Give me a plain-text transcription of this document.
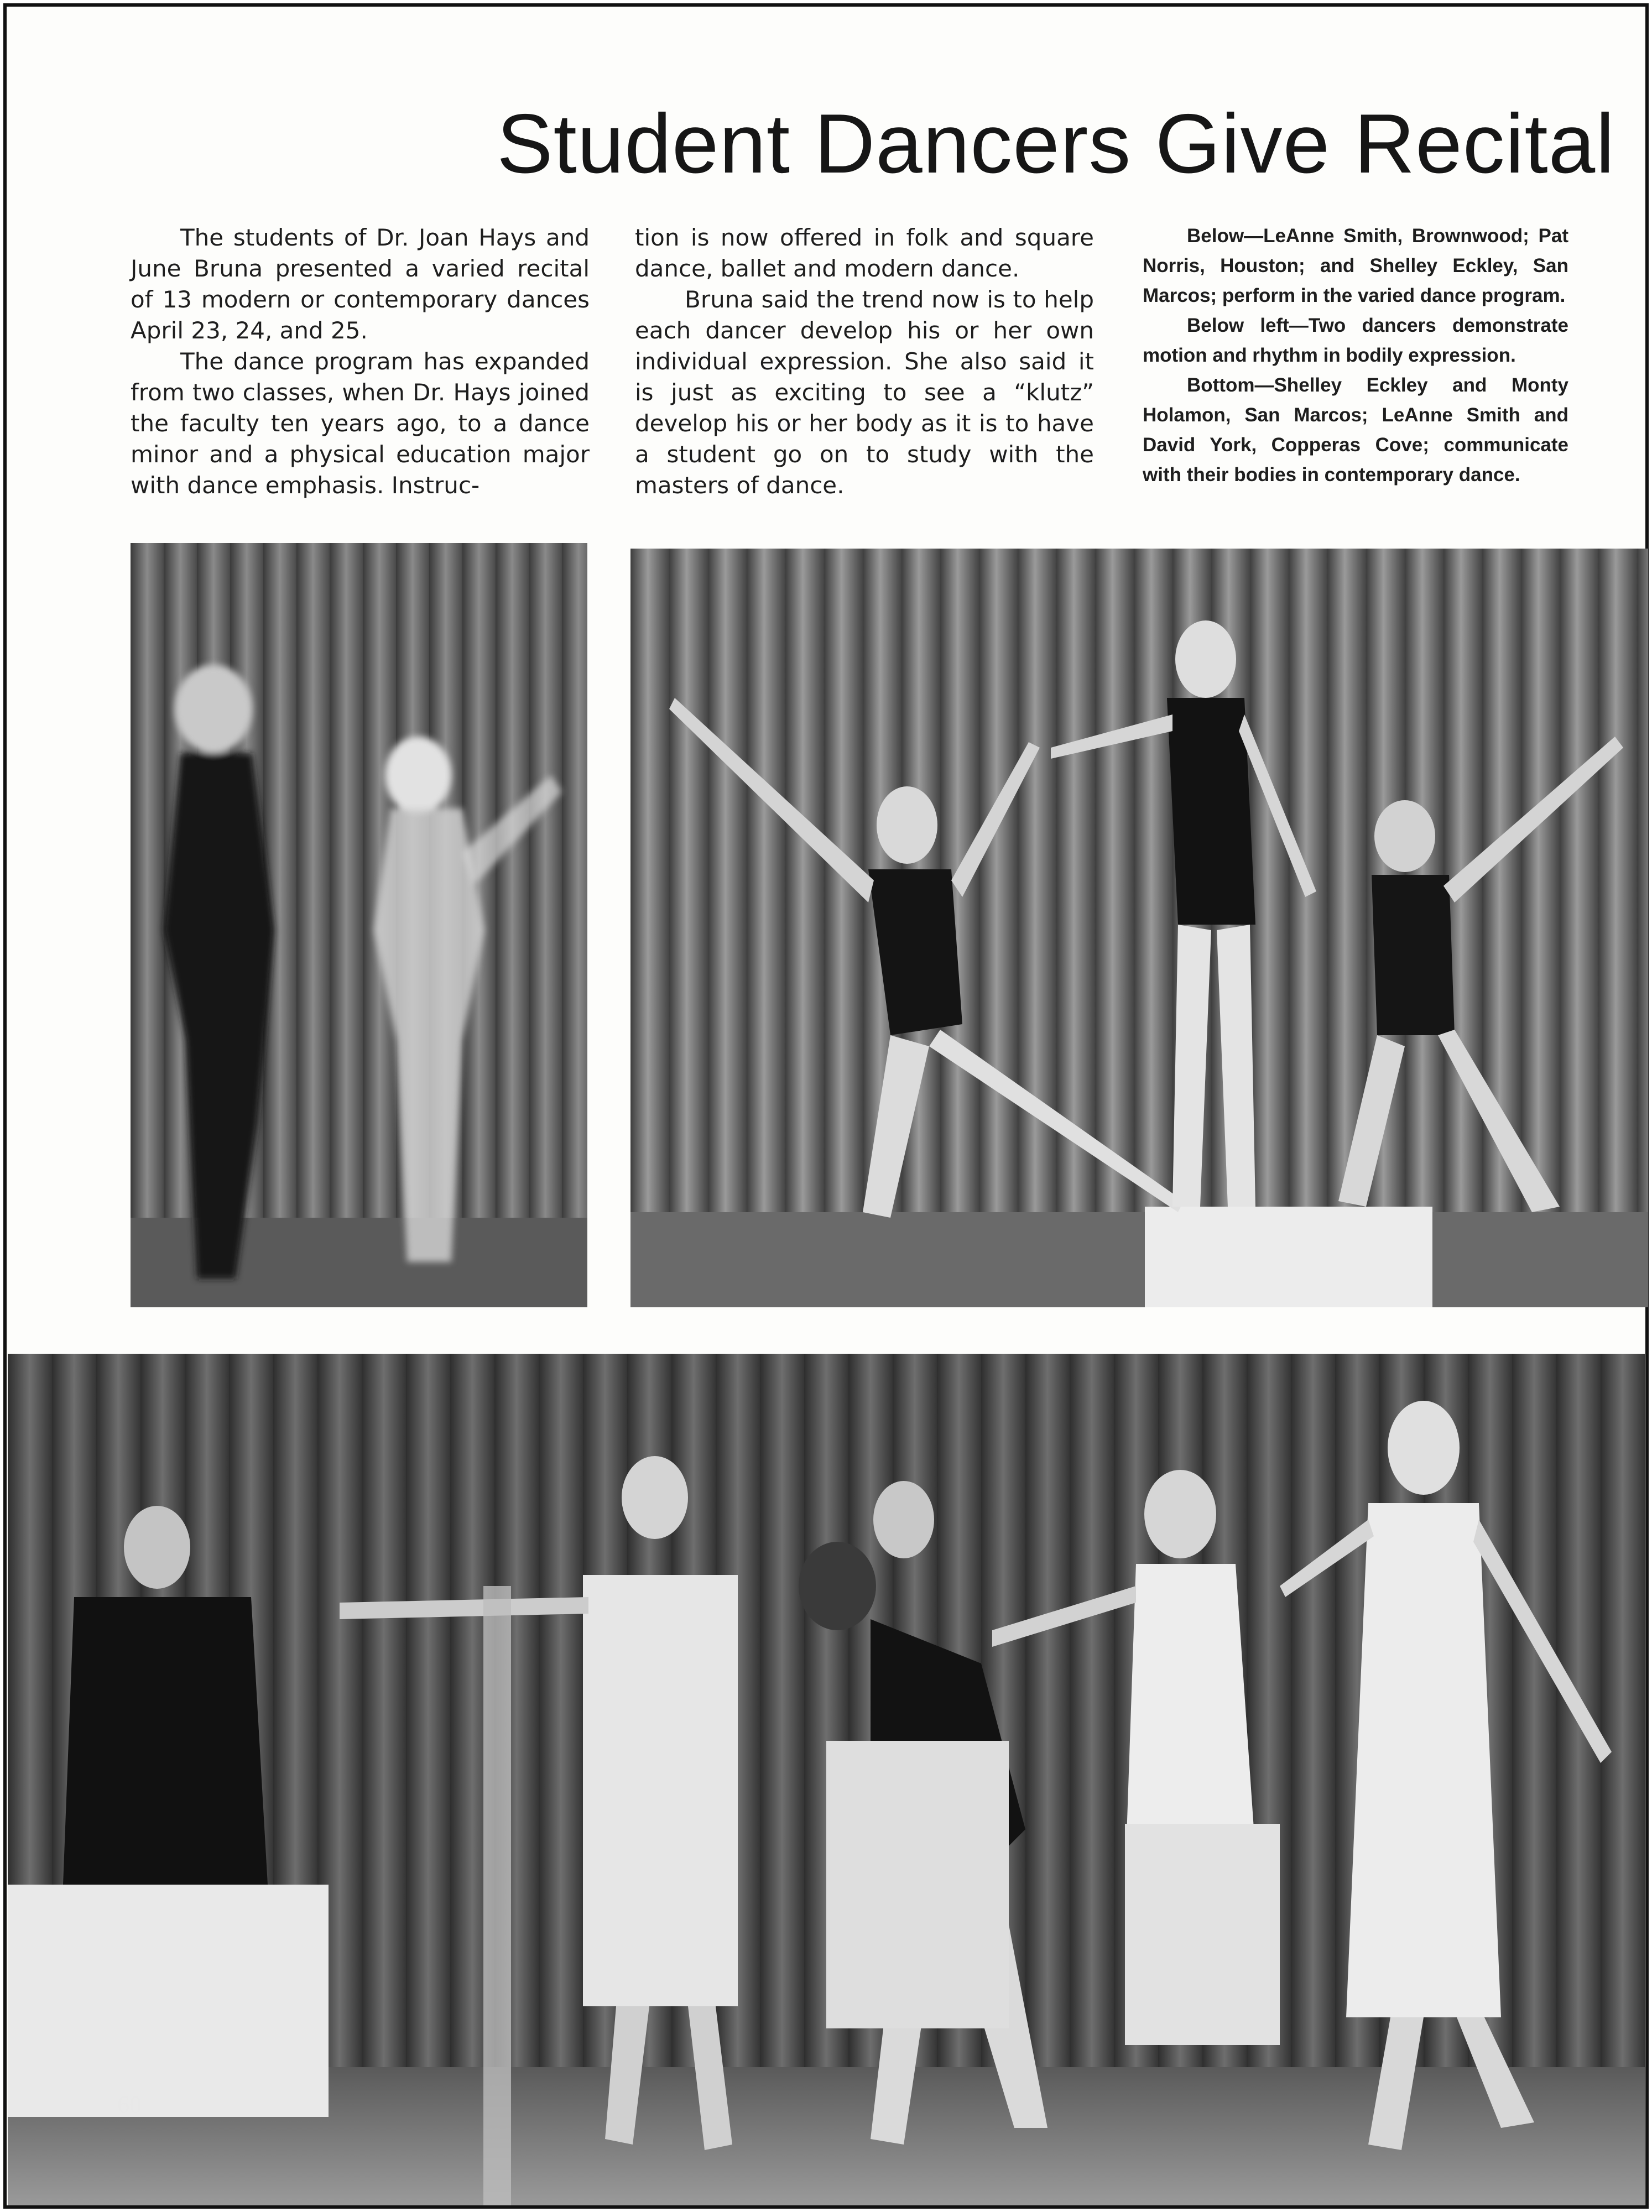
Student Dancers Give Recital

The students of Dr. Joan Hays and June Bruna presented a varied recital of 13 modern or contemporary dances April 23, 24, and 25.

The dance program has expanded from two classes, when Dr. Hays joined the faculty ten years ago, to a dance minor and a physical education major with dance emphasis. Instruc-

tion is now offered in folk and square dance, ballet and modern dance.

Bruna said the trend now is to help each dancer develop his or her own individual expression. She also said it is just as exciting to see a “klutz” develop his or her body as it is to have a student go on to study with the masters of dance.

Below—LeAnne Smith, Brownwood; Pat Norris, Houston; and Shelley Eckley, San Marcos; perform in the varied dance program.

Below left—Two dancers demonstrate motion and rhythm in bodily expression.

Bottom—Shelley Eckley and Monty Holamon, San Marcos; LeAnne Smith and David York, Copperas Cove; communicate with their bodies in contemporary dance.

60
